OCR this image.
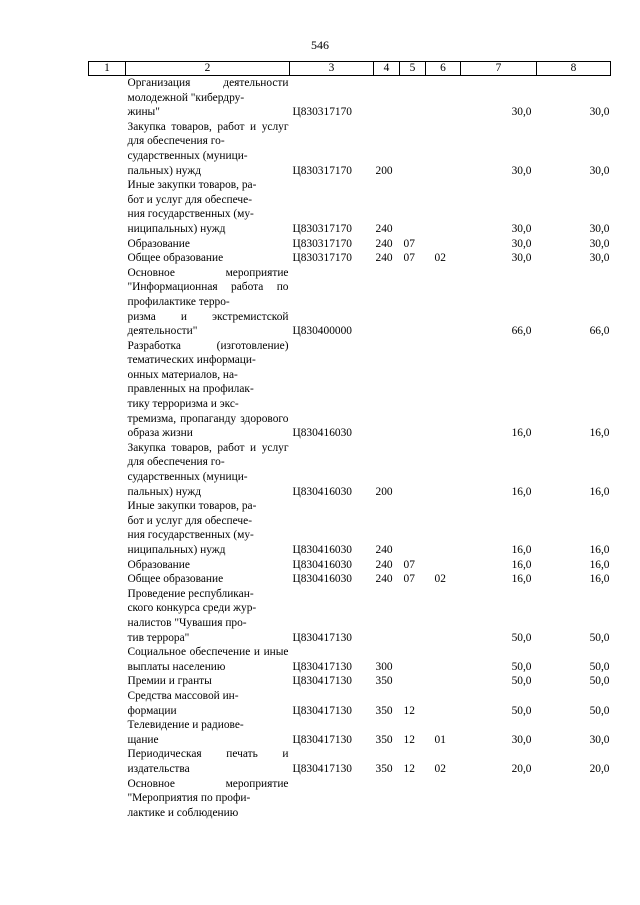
546
1	2	3	4	5	6	7	8
	Организация деятельности молодежной "кибердру-
жины"	Ц830317170				30,0	30,0
	Закупка товаров, работ и услуг для обеспечения го-
сударственных (муници-
пальных) нужд	Ц830317170	200			30,0	30,0
	Иные закупки товаров, ра-
бот и услуг для обеспече-
ния государственных (му-
ниципальных) нужд	Ц830317170	240			30,0	30,0
	Образование	Ц830317170	240	07		30,0	30,0
	Общее образование	Ц830317170	240	07	02	30,0	30,0
	Основное мероприятие "Информационная работа по профилактике терро-
ризма и экстремистской деятельности"	Ц830400000				66,0	66,0
	Разработка (изготовление) тематических информаци-
онных материалов, на-
правленных на профилак-
тику терроризма и экс-
тремизма, пропаганду здорового образа жизни	Ц830416030				16,0	16,0
	Закупка товаров, работ и услуг для обеспечения го-
сударственных (муници-
пальных) нужд	Ц830416030	200			16,0	16,0
	Иные закупки товаров, ра-
бот и услуг для обеспече-
ния государственных (му-
ниципальных) нужд	Ц830416030	240			16,0	16,0
	Образование	Ц830416030	240	07		16,0	16,0
	Общее образование	Ц830416030	240	07	02	16,0	16,0
	Проведение республикан-
ского конкурса среди жур-
налистов "Чувашия про-
тив террора"	Ц830417130				50,0	50,0
	Социальное обеспечение и иные выплаты населению	Ц830417130	300			50,0	50,0
	Премии и гранты	Ц830417130	350			50,0	50,0
	Средства массовой ин-
формации	Ц830417130	350	12		50,0	50,0
	Телевидение и радиове-
щание	Ц830417130	350	12	01	30,0	30,0
	Периодическая печать и издательства	Ц830417130	350	12	02	20,0	20,0
	Основное мероприятие "Мероприятия по профи-
лактике и соблюдению						
